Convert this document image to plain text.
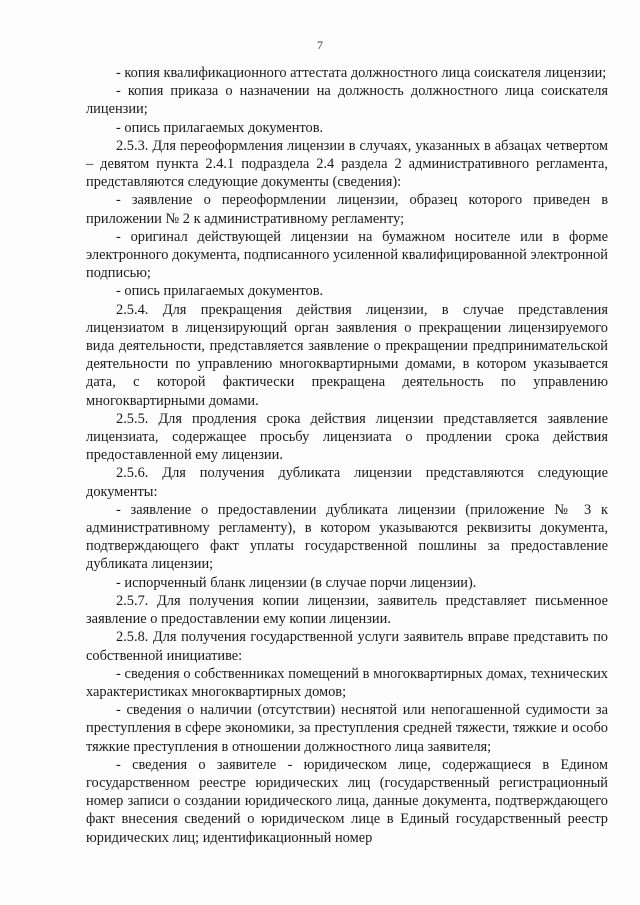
7

- копия квалификационного аттестата должностного лица соискателя лицензии;

- копия приказа о назначении на должность должностного лица соискателя лицензии;

- опись прилагаемых документов.

2.5.3. Для переоформления лицензии в случаях, указанных в абзацах четвертом – девятом пункта 2.4.1 подраздела 2.4 раздела 2 административного регламента, представляются следующие документы (сведения):

- заявление о переоформлении лицензии, образец которого приведен в приложении № 2 к административному регламенту;

- оригинал действующей лицензии на бумажном носителе или в форме электронного документа, подписанного усиленной квалифицированной электронной подписью;

- опись прилагаемых документов.

2.5.4. Для прекращения действия лицензии, в случае представления лицензиатом в лицензирующий орган заявления о прекращении лицензируемого вида деятельности, представляется заявление о прекращении предпринимательской деятельности по управлению многоквартирными домами, в котором указывается дата, с которой фактически прекращена деятельность по управлению многоквартирными домами.

2.5.5. Для продления срока действия лицензии представляется заявление лицензиата, содержащее просьбу лицензиата о продлении срока действия предоставленной ему лицензии.

2.5.6. Для получения дубликата лицензии представляются следующие документы:

- заявление о предоставлении дубликата лицензии (приложение № 3 к административному регламенту), в котором указываются реквизиты документа, подтверждающего факт уплаты государственной пошлины за предоставление дубликата лицензии;

- испорченный бланк лицензии (в случае порчи лицензии).

2.5.7. Для получения копии лицензии, заявитель представляет письменное заявление о предоставлении ему копии лицензии.

2.5.8. Для получения государственной услуги заявитель вправе представить по собственной инициативе:

- сведения о собственниках помещений в многоквартирных домах, технических характеристиках многоквартирных домов;

- сведения о наличии (отсутствии) неснятой или непогашенной судимости за преступления в сфере экономики, за преступления средней тяжести, тяжкие и особо тяжкие преступления в отношении должностного лица заявителя;

- сведения о заявителе - юридическом лице, содержащиеся в Едином государственном реестре юридических лиц (государственный регистрационный номер записи о создании юридического лица, данные документа, подтверждающего факт внесения сведений о юридическом лице в Единый государственный реестр юридических лиц; идентификационный номер
